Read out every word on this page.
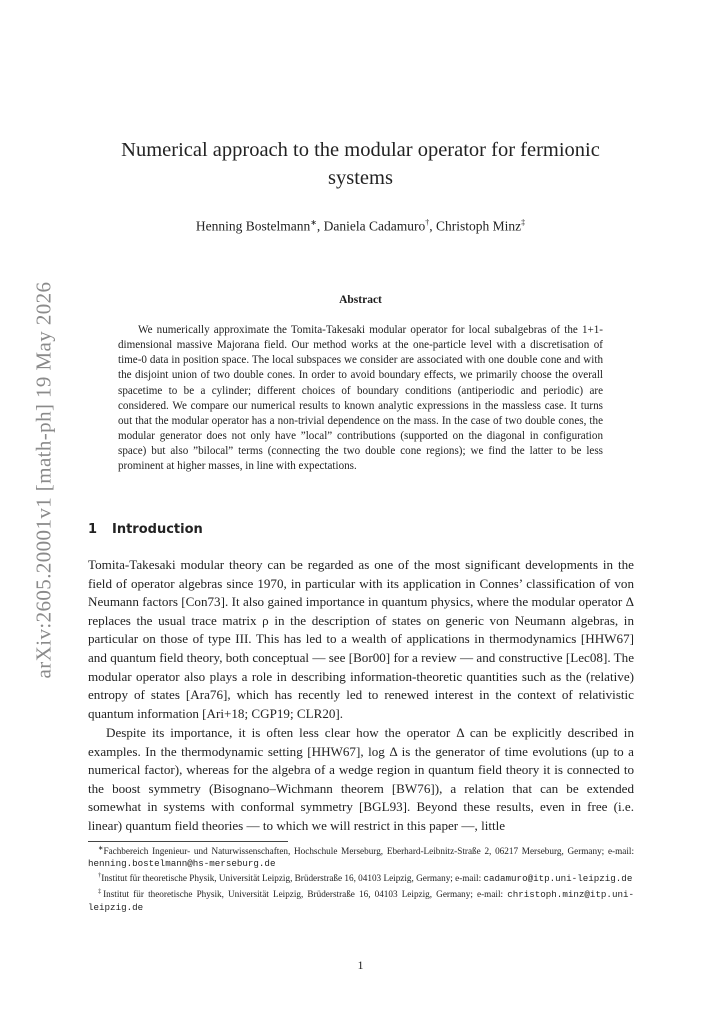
arXiv:2605.20001v1 [math-ph] 19 May 2026
Numerical approach to the modular operator for fermionic systems
Henning Bostelmann∗, Daniela Cadamuro†, Christoph Minz‡
Abstract
We numerically approximate the Tomita-Takesaki modular operator for local subalgebras of the 1+1-dimensional massive Majorana field. Our method works at the one-particle level with a discretisation of time-0 data in position space. The local subspaces we consider are associated with one double cone and with the disjoint union of two double cones. In order to avoid boundary effects, we primarily choose the overall spacetime to be a cylinder; different choices of boundary conditions (antiperiodic and periodic) are considered. We compare our numerical results to known analytic expressions in the massless case. It turns out that the modular operator has a non-trivial dependence on the mass. In the case of two double cones, the modular generator does not only have ”local” contributions (supported on the diagonal in configuration space) but also ”bilocal” terms (connecting the two double cone regions); we find the latter to be less prominent at higher masses, in line with expectations.
1 Introduction
Tomita-Takesaki modular theory can be regarded as one of the most significant developments in the field of operator algebras since 1970, in particular with its application in Connes’ classification of von Neumann factors [Con73]. It also gained importance in quantum physics, where the modular operator Δ replaces the usual trace matrix ρ in the description of states on generic von Neumann algebras, in particular on those of type III. This has led to a wealth of applications in thermodynamics [HHW67] and quantum field theory, both conceptual — see [Bor00] for a review — and constructive [Lec08]. The modular operator also plays a role in describing information-theoretic quantities such as the (relative) entropy of states [Ara76], which has recently led to renewed interest in the context of relativistic quantum information [Ari+18; CGP19; CLR20].
Despite its importance, it is often less clear how the operator Δ can be explicitly described in examples. In the thermodynamic setting [HHW67], log Δ is the generator of time evolutions (up to a numerical factor), whereas for the algebra of a wedge region in quantum field theory it is connected to the boost symmetry (Bisognano–Wichmann theorem [BW76]), a relation that can be extended somewhat in systems with conformal symmetry [BGL93]. Beyond these results, even in free (i.e. linear) quantum field theories — to which we will restrict in this paper —, little

∗Fachbereich Ingenieur- und Naturwissenschaften, Hochschule Merseburg, Eberhard-Leibnitz-Straße 2, 06217 Merseburg, Germany; e-mail: henning.bostelmann@hs-merseburg.de

†Institut für theoretische Physik, Universität Leipzig, Brüderstraße 16, 04103 Leipzig, Germany; e-mail: cadamuro@itp.uni-leipzig.de

‡Institut für theoretische Physik, Universität Leipzig, Brüderstraße 16, 04103 Leipzig, Germany; e-mail: christoph.minz@itp.uni-leipzig.de

1
